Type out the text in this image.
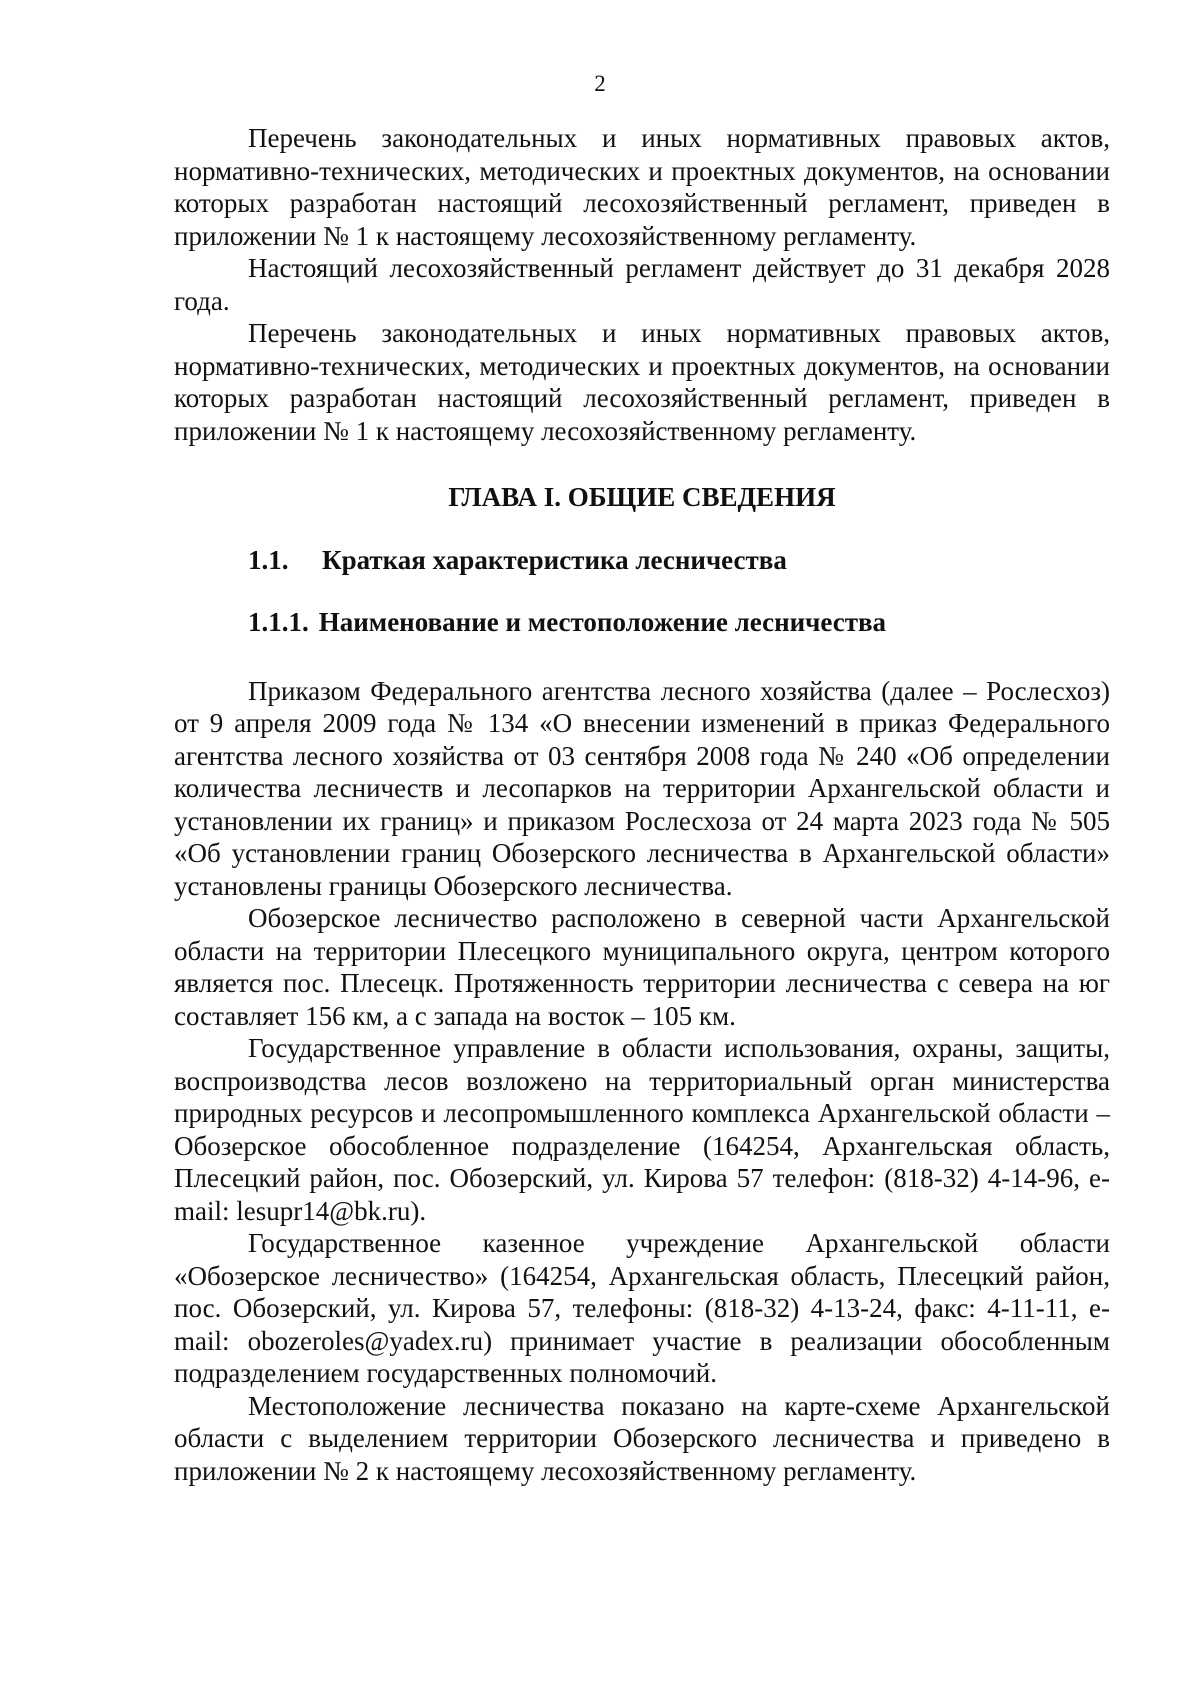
2

Перечень законодательных и иных нормативных правовых актов, нормативно-технических, методических и проектных документов, на основании которых разработан настоящий лесохозяйственный регламент, приведен в приложении № 1 к настоящему лесохозяйственному регламенту.

Настоящий лесохозяйственный регламент действует до 31 декабря 2028 года.

Перечень законодательных и иных нормативных правовых актов, нормативно-технических, методических и проектных документов, на основании которых разработан настоящий лесохозяйственный регламент, приведен в приложении № 1 к настоящему лесохозяйственному регламенту.

ГЛАВА I. ОБЩИЕ СВЕДЕНИЯ
1.1. Краткая характеристика лесничества
1.1.1. Наименование и местоположение лесничества

Приказом Федерального агентства лесного хозяйства (далее – Рослесхоз) от 9 апреля 2009 года № 134 «О внесении изменений в приказ Федерального агентства лесного хозяйства от 03 сентября 2008 года № 240 «Об определении количества лесничеств и лесопарков на территории Архангельской области и установлении их границ» и приказом Рослесхоза от 24 марта 2023 года № 505 «Об установлении границ Обозерского лесничества в Архангельской области» установлены границы Обозерского лесничества.

Обозерское лесничество расположено в северной части Архангельской области на территории Плесецкого муниципального округа, центром которого является пос. Плесецк. Протяженность территории лесничества с севера на юг составляет 156 км, а с запада на восток – 105 км.

Государственное управление в области использования, охраны, защиты, воспроизводства лесов возложено на территориальный орган министерства природных ресурсов и лесопромышленного комплекса Архангельской области – Обозерское обособленное подразделение (164254, Архангельская область, Плесецкий район, пос. Обозерский, ул. Кирова 57 телефон: (818-32) 4-14-96, e-mail: lesupr14@bk.ru).

Государственное казенное учреждение Архангельской области «Обозерское лесничество» (164254, Архангельская область, Плесецкий район, пос. Обозерский, ул. Кирова 57, телефоны: (818-32) 4-13-24, факс: 4-11-11, e-mail: obozeroles@yadex.ru) принимает участие в реализации обособленным подразделением государственных полномочий.

Местоположение лесничества показано на карте-схеме Архангельской области с выделением территории Обозерского лесничества и приведено в приложении № 2 к настоящему лесохозяйственному регламенту.
